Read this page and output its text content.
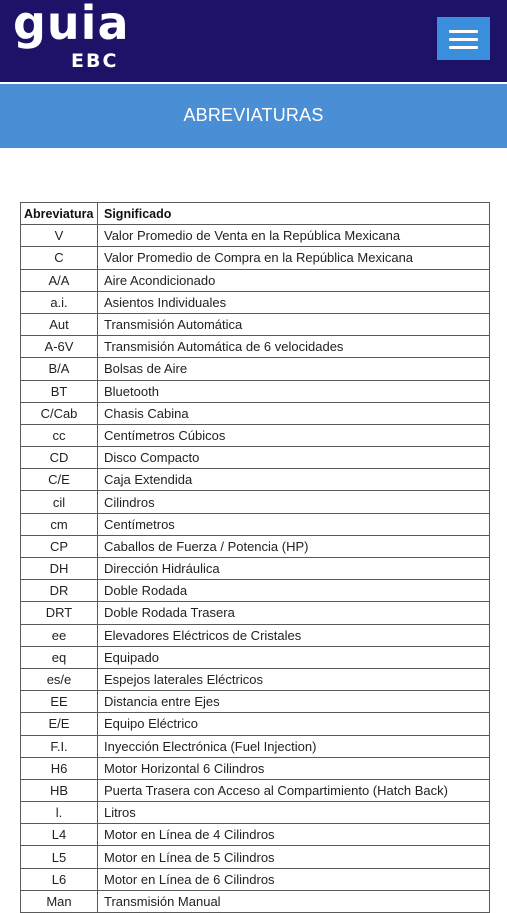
guia
EBC
ABREVIATURAS
Abreviatura	Significado
V	Valor Promedio de Venta en la República Mexicana
C	Valor Promedio de Compra en la República Mexicana
A/A	Aire Acondicionado
a.i.	Asientos Individuales
Aut	Transmisión Automática
A-6V	Transmisión Automática de 6 velocidades
B/A	Bolsas de Aire
BT	Bluetooth
C/Cab	Chasis Cabina
cc	Centímetros Cúbicos
CD	Disco Compacto
C/E	Caja Extendida
cil	Cilindros
cm	Centímetros
CP	Caballos de Fuerza / Potencia (HP)
DH	Dirección Hidráulica
DR	Doble Rodada
DRT	Doble Rodada Trasera
ee	Elevadores Eléctricos de Cristales
eq	Equipado
es/e	Espejos laterales Eléctricos
EE	Distancia entre Ejes
E/E	Equipo Eléctrico
F.I.	Inyección Electrónica (Fuel Injection)
H6	Motor Horizontal 6 Cilindros
HB	Puerta Trasera con Acceso al Compartimiento (Hatch Back)
l.	Litros
L4	Motor en Línea de 4 Cilindros
L5	Motor en Línea de 5 Cilindros
L6	Motor en Línea de 6 Cilindros
Man	Transmisión Manual
